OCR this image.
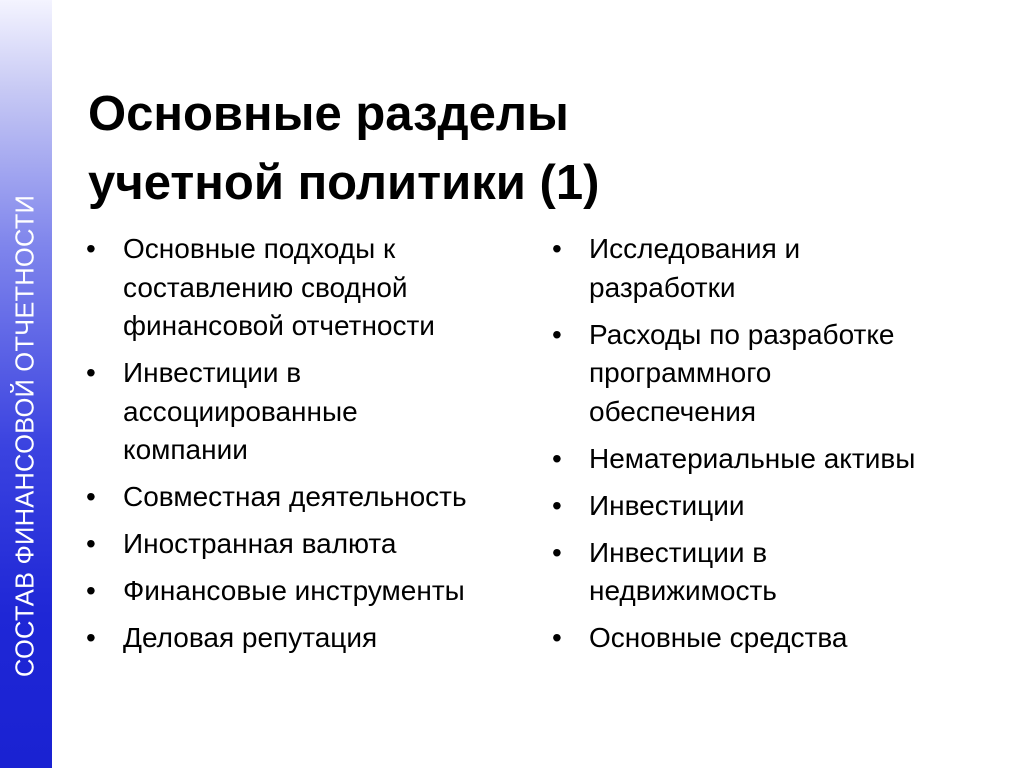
СОСТАВ ФИНАНСОВОЙ ОТЧЕТНОСТИ
Основные разделы
учетной политики (1)
• Основные подходы к
составлению сводной
финансовой отчетности
• Инвестиции в
ассоциированные
компании
• Совместная деятельность
• Иностранная валюта
• Финансовые инструменты
• Деловая репутация
• Исследования и
разработки
• Расходы по разработке
программного
обеспечения
• Нематериальные активы
• Инвестиции
• Инвестиции в
недвижимость
• Основные средства
